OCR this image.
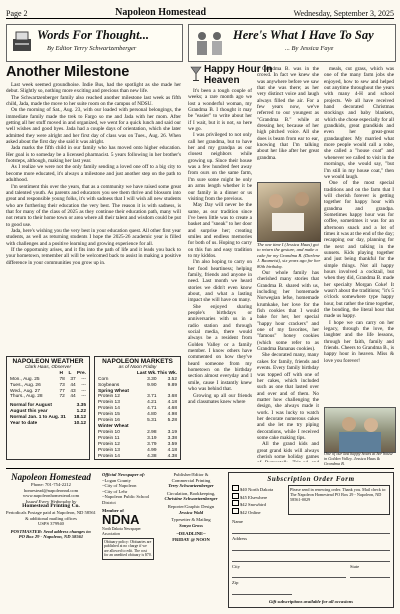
Page 2	Napoleon Homestead	Wednesday, September 3, 2025
Words For Thought...
By Editor Terry Schwartzenberger
Here's What I Have To Say
... By Jessica Faye
Another Milestone

Last week seemed groundhoise. Indie Bus, had the spotlight as she made her debut. Slightly so, nothing more exciting and precious than new life.

The Schwartzenberger family also reached another milestone last week as fifth child, Jada, made the move to her suite room on the campus of NDSU.

On the morning of Sat., Aug. 23, with our loaded with personal belongings, the immediate family made the trek to Fargo so me and Jada with her mom. After getting all her stuff moved in and organized, we went for a quick lunch and said our well wishes and good byes. Jada had a couple days of orientation, which she later admitted they were alright and her first day of class was on Tues., Aug. 26. When asked about the first day she said it was alright.

Jada marks the fifth child in our family who has moved onto higher education. Her goal is to someday be a licensed pharmacist. 5 years following in her brother's footsteps, although, making her last year.

As I realize we were not the only family sending a loved one off to a big city to become more educated, it's always a milestone and just another step on the path to adulthood.

I'm sentiment this over the years, that as a community we have raised some great and talented youth. As parents and educators you see them thrive and blossom into great and responsible young folks, it's with sadness that I will wish all new students who are furthering their education the very best. The reason it is with sadness, is that for many of the class of 2025 as they continue their education path, many will not return to their home town or area where all their talent and wisdom could be put to good use.

Jada, here's wishing you the very best in your education quest. All other first year students, as well as returning students I hope the 2025-26 academic year is filled with challenges and a positive learning and growing experience for all.

If the opportunity arises, and it fits into the path of life and it leads you back to your hometown, remember all will be welcomed back to assist in making a positive difference in your communities you grow up in.

NAPOLEON WEATHER
Clark Haas, Observer
H L Pre.
Mon., Aug. 25	78 37 ---
Tues., Aug. 26	73 44 ---
Wed., Aug. 27	77 43 ---
Thurs., Aug. 28	72 44 ---
Normal for August	3.35
August this year	1.22
Normal Jan. 1 to Aug. 31 18.12
Year to date	10.12
NAPOLEON MARKETS
as of Noon Friday
Last Wk. This Wk.
Corn	3.30 3.52
Soybeans	9.90 9.89
Spring Wheat
Protein 12	3.71 3.68
Protein 13	4.21 4.18
Protein 14	4.71 4.68
Protein 15	4.80 4.98
Protein 16	5.31 5.28
Winter Wheat
Protein 10	2.98 3.19
Protein 11	3.19 3.38
Protein 12	3.79 3.59
Protein 13	4.99 4.18
Protein 14	4.38 4.38
Happy Hour In Heaven

It's been a tough couple of weeks; a rare month ago we lost a wonderful woman, my Grandma B. I thought it may be "easier" to write about her if I wait, but it is not, so here we go.

I was privileged to not only call her grandma, but to have her and my grandpa as our closest neighbors while growing up. Since their house was a few hundred feet away from ours on the same farm, I'm sure some might be only an arms length whether it be our family in a dinner or us visiting from the previous.

May Day will never be the same, as our tradition since I've been little was to create a basket and "sneak" to her door and surprise her; creating smiles and endless memories for both of us. Hoping to carry on this fun and easy tradition to my kiddos.

I'm also hoping to carry on her food heartiness; helping family, friends and anyone in need. Last month we heard stories we didn't even know about, and what a lasting impact she will have on many.

She enjoyed sharing people's birthdays or anniversaries with us in a radio station and through social media, there would always be a resident from Golden Valley or a family member. I know others have commented on how they've heard someone from my hometown on the birthday section almost everyday and I smile, cause I instantly knew who was behind that.

Growing up all our friends and classmates knew where

The one time I (Jessica Haas) got to return the gesture, and make a cake for my Grandma B. (Darlene J. Baumeist), six years ago for her 80th birthday.

Grandma B. was in the crowd. In fact we knew she was anywhere before we saw that she was there; as her very distinct voice and laugh always filled the air. For a few years now, we've referred to our youngest as "Grandma B." while at dressing her, because of her high pitched voice. All she does is beam from ear to ear, knowing that I'm talking about her like after her great grandma.

Our whole family has cherished many stories that Grandma B. shared with us, including her homemade Norwegian lefse, homemade krumkake, her love for the fish cookies that I would bake for her, her special "happy hour crackers" and one of my favorites, her "famous" honey cookies (which some refer to as Grandma Bananas cookies).

She decorated many, many cakes for family, friends and events. Every family birthday was topped off with one of her cakes, which included such as one that lasted over and over and of them. No matter how challenging the design, she always made it work. I was lucky to watch her decorate numerous cakes and she let me try piping decorations, while I received some cake making tips.

All the grand kids and great grand kids will always cherish some holiday games

meals, cut grass, which was one of the many farm jobs she enjoyed, how to sew and helped out anytime throughout the years with many 4-H and school projects. We all have received hand decorated Christmas stockings and baby blankets, which she chose especially for all grandkids, great grandkids and even her great-great grandaughter. My married what more people would call a robe, she called a "house coat" and whenever we called to visit in the mornings, she would say, "but I'm still in my house coat," then we would laugh.

One of the most special traditions and on the farm that I will cherish forever is getting together for happy hour with grandma and grandpa. Sometimes happy hour was for coffee, sometimes it was for an afternoon snack and a lot of times it was at the end of the day; recapping our day, planning for the next and talking in the sunsets. Kids playing together and just being thankful for the simple things. Not all happy hours involved a cocktail, but when they did, Grandma B. made her specialty Morgan Coke! It wasn't about the traditions; "it's 5 o'clock somewhere type happy hour, but rather the time together, the bonding, the literal hour that made us happy.

I hope we can carry on her legacy, through the love, the laughter and the life lessons, through her faith, family and friends. Cheers to Grandma B., is happy hour in heaven. Miss & love you forever!

One of our last happy hours at her house in Golden Valley. Jessica Haas & Grandma B.
Napoleon Homestead
Phone: 701-754-2212
homestead@napoleonnd.com
www.napoleonhomestead.com
Issued Every Wednesday by
Homestead Printing Co.
Periodicals Postage paid at Napoleon, ND 58561 & additional mailing offices
USPS 379940
POSTMASTER: Send address changes to:
PO Box 29 - Napoleon, ND 58561
Official Newspaper of:
~Logan County
~City of Napoleon
~City of Lehr
~Napoleon Public School District
Member of
NDNA
North Dakota Newspaper Association
Obituary policy: Obituaries are published at no charge if we are allowed to edit. The cost for an unedited obituary is $70.
Publisher/Editor &
Commercial Printing
Terry Schwartzenberger
Circulation, Bookkeeping,
Christine Schwartzenberger
Reporter/Graphic Design
Jessica Wald
Typesetter & Mailing
Sonya Gross
~DEADLINE~
FRIDAY @ NOON
Subscription Order Form
$40 North Dakota
$45 Elsewhere
$42 Snowbird
$42 Online
Please send in renewing order. Thank you. Mail check to: The Napoleon Homestead PO Box 29 - Napoleon, ND 58561-0029
Name
Address
City	State
Zip
Gift subscriptions available for all occasions
